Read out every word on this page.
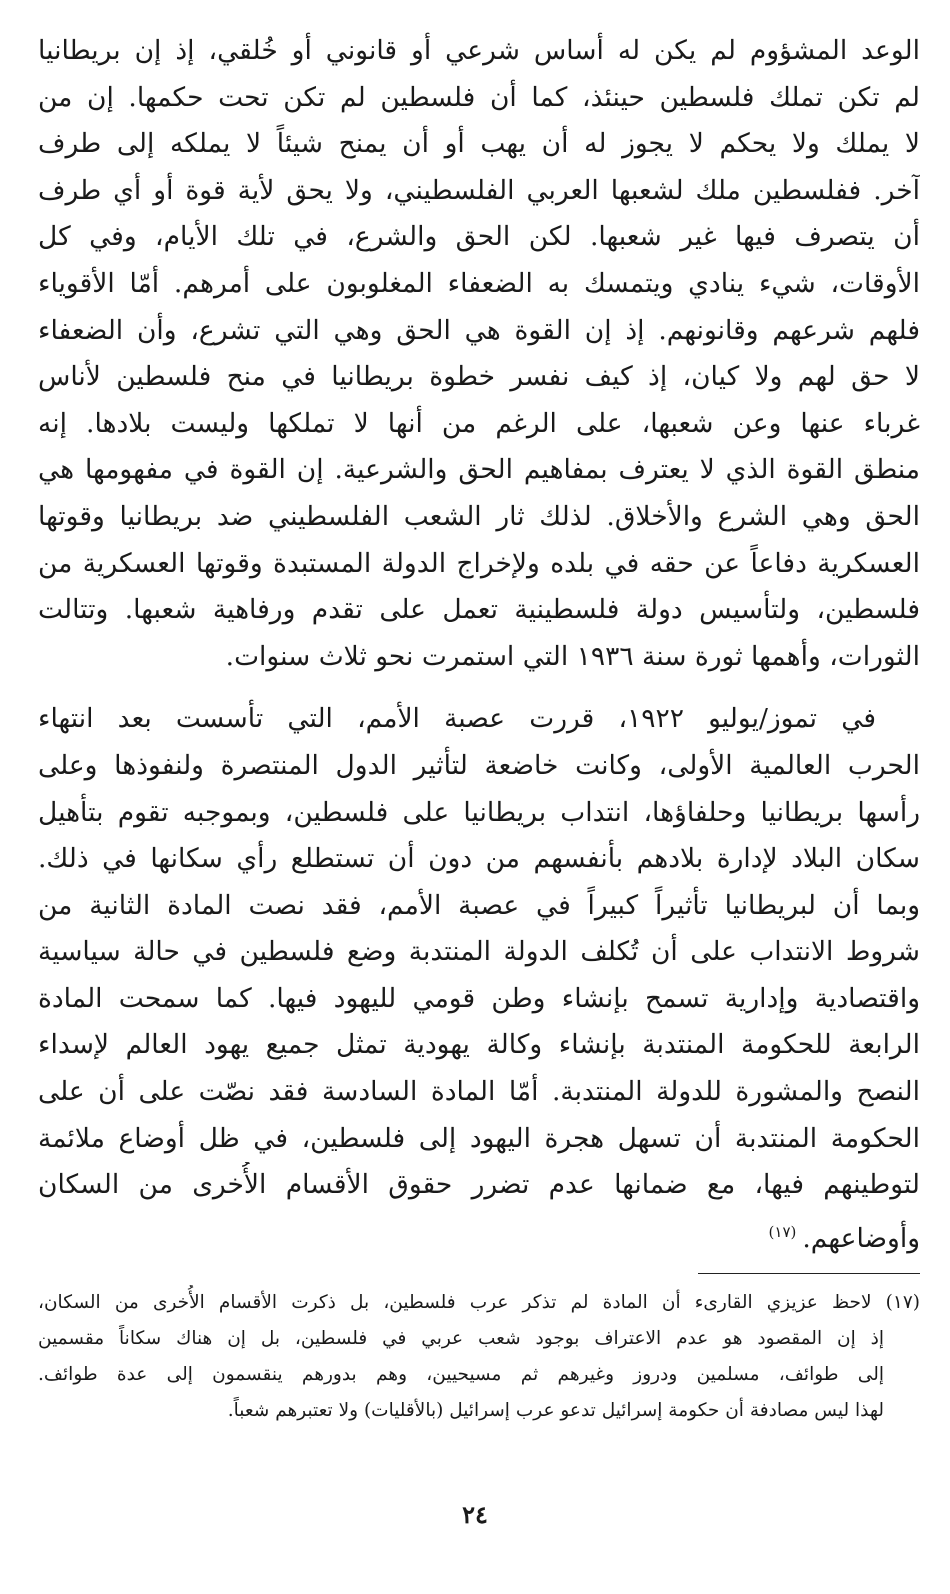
الوعد المشؤوم لم يكن له أساس شرعي أو قانوني أو خُلقي، إذ إن بريطانيا
لم تكن تملك فلسطين حينئذ، كما أن فلسطين لم تكن تحت حكمها. إن من
لا يملك ولا يحكم لا يجوز له أن يهب أو أن يمنح شيئاً لا يملكه إلى طرف
آخر. ففلسطين ملك لشعبها العربي الفلسطيني، ولا يحق لأية قوة أو أي طرف
أن يتصرف فيها غير شعبها. لكن الحق والشرع، في تلك الأيام، وفي كل
الأوقات، شيء ينادي ويتمسك به الضعفاء المغلوبون على أمرهم. أمّا الأقوياء
فلهم شرعهم وقانونهم. إذ إن القوة هي الحق وهي التي تشرع، وأن الضعفاء
لا حق لهم ولا كيان، إذ كيف نفسر خطوة بريطانيا في منح فلسطين لأناس
غرباء عنها وعن شعبها، على الرغم من أنها لا تملكها وليست بلادها. إنه
منطق القوة الذي لا يعترف بمفاهيم الحق والشرعية. إن القوة في مفهومها هي
الحق وهي الشرع والأخلاق. لذلك ثار الشعب الفلسطيني ضد بريطانيا وقوتها
العسكرية دفاعاً عن حقه في بلده ولإخراج الدولة المستبدة وقوتها العسكرية من
فلسطين، ولتأسيس دولة فلسطينية تعمل على تقدم ورفاهية شعبها. وتتالت
الثورات، وأهمها ثورة سنة ١٩٣٦ التي استمرت نحو ثلاث سنوات.
في تموز/يوليو ١٩٢٢، قررت عصبة الأمم، التي تأسست بعد انتهاء
الحرب العالمية الأولى، وكانت خاضعة لتأثير الدول المنتصرة ولنفوذها وعلى
رأسها بريطانيا وحلفاؤها، انتداب بريطانيا على فلسطين، وبموجبه تقوم بتأهيل
سكان البلاد لإدارة بلادهم بأنفسهم من دون أن تستطلع رأي سكانها في ذلك.
وبما أن لبريطانيا تأثيراً كبيراً في عصبة الأمم، فقد نصت المادة الثانية من
شروط الانتداب على أن تُكلف الدولة المنتدبة وضع فلسطين في حالة سياسية
واقتصادية وإدارية تسمح بإنشاء وطن قومي لليهود فيها. كما سمحت المادة
الرابعة للحكومة المنتدبة بإنشاء وكالة يهودية تمثل جميع يهود العالم لإسداء
النصح والمشورة للدولة المنتدبة. أمّا المادة السادسة فقد نصّت على أن على
الحكومة المنتدبة أن تسهل هجرة اليهود إلى فلسطين، في ظل أوضاع ملائمة
لتوطينهم فيها، مع ضمانها عدم تضرر حقوق الأقسام الأُخرى من السكان
وأوضاعهم.$^{(١٧)}$
(١٧) لاحظ عزيزي القارىء أن المادة لم تذكر عرب فلسطين، بل ذكرت الأقسام الأُخرى من السكان،
إذ إن المقصود هو عدم الاعتراف بوجود شعب عربي في فلسطين، بل إن هناك سكاناً مقسمين
إلى طوائف، مسلمين ودروز وغيرهم ثم مسيحيين، وهم بدورهم ينقسمون إلى عدة طوائف.
لهذا ليس مصادفة أن حكومة إسرائيل تدعو عرب إسرائيل (بالأقليات) ولا تعتبرهم شعباً.
٢٤
